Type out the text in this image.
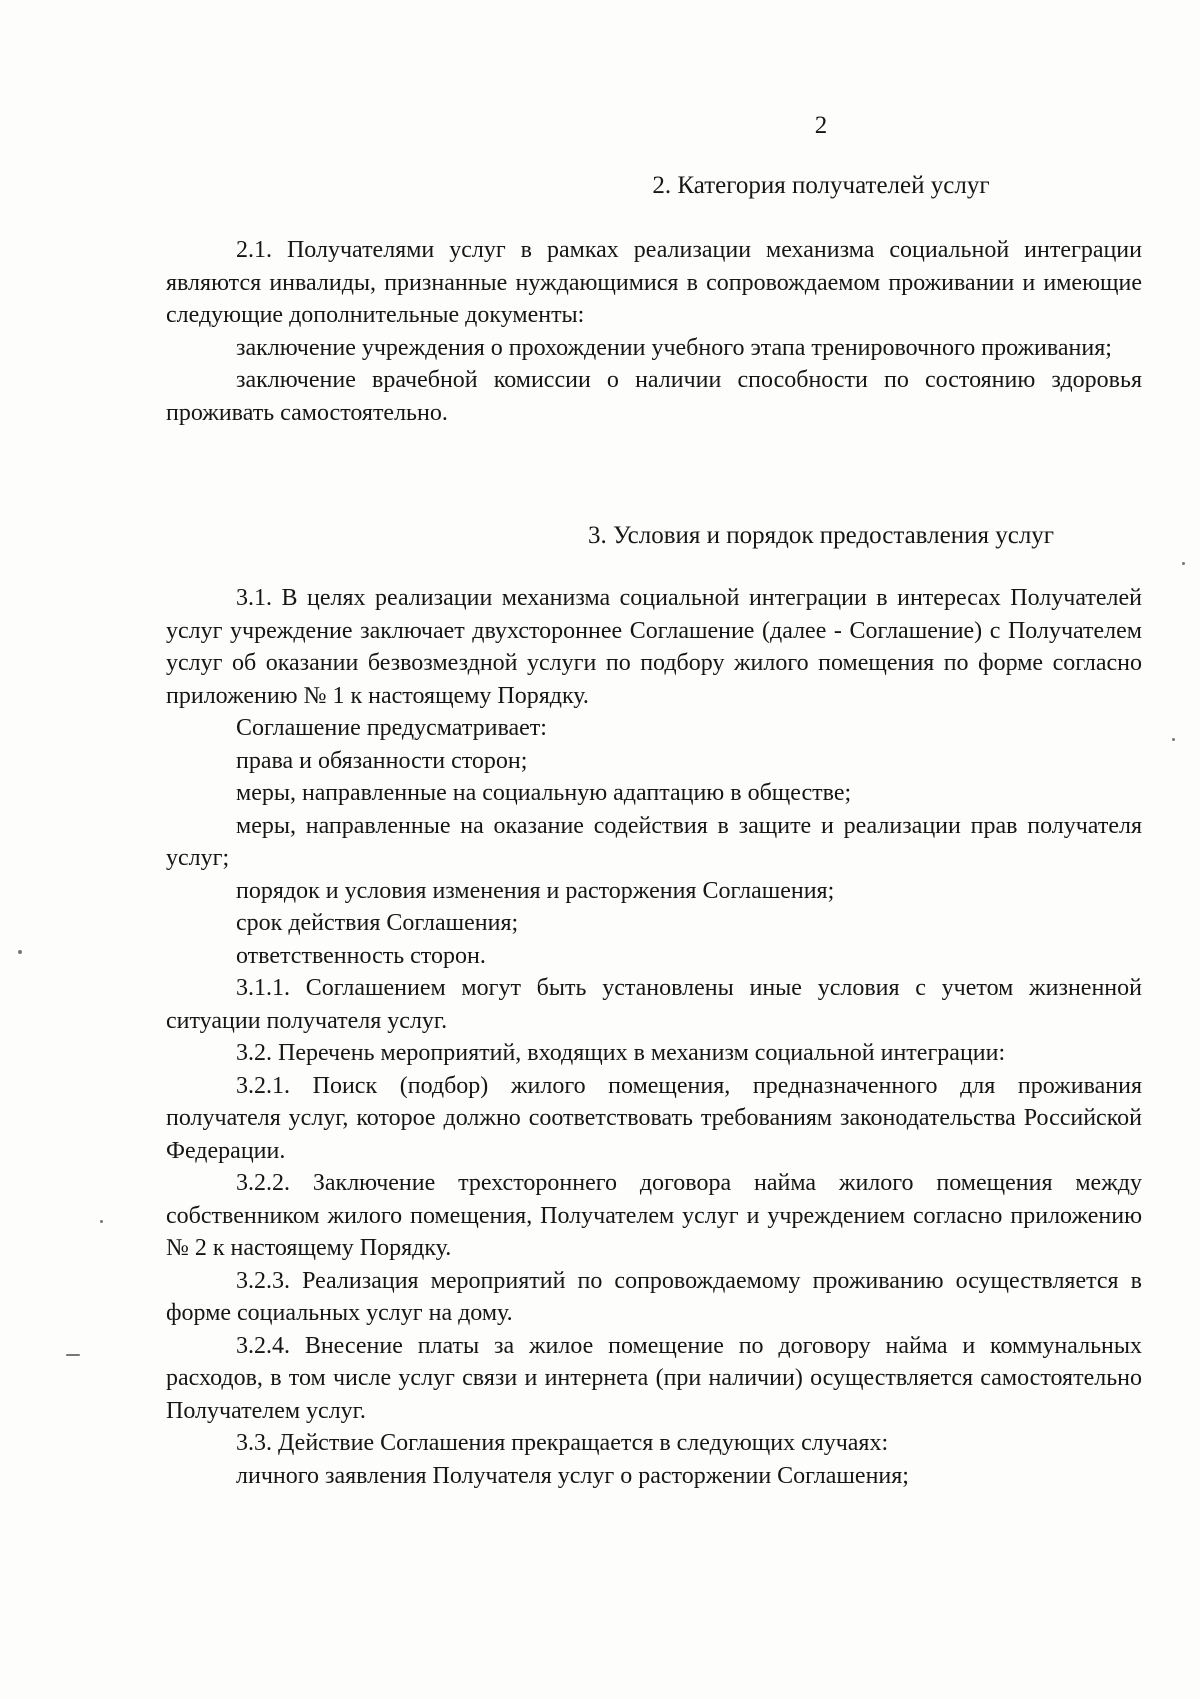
2
2. Категория получателей услуг

2.1. Получателями услуг в рамках реализации механизма социальной интеграции являются инвалиды, признанные нуждающимися в сопровождаемом проживании и имеющие следующие дополнительные документы:

заключение учреждения о прохождении учебного этапа тренировочного проживания;

заключение врачебной комиссии о наличии способности по состоянию здоровья проживать самостоятельно.

3. Условия и порядок предоставления услуг

3.1. В целях реализации механизма социальной интеграции в интересах Получателей услуг учреждение заключает двухстороннее Соглашение (далее - Соглашение) с Получателем услуг об оказании безвозмездной услуги по подбору жилого помещения по форме согласно приложению № 1 к настоящему Порядку.

Соглашение предусматривает:

права и обязанности сторон;

меры, направленные на социальную адаптацию в обществе;

меры, направленные на оказание содействия в защите и реализации прав получателя услуг;

порядок и условия изменения и расторжения Соглашения;

срок действия Соглашения;

ответственность сторон.

3.1.1. Соглашением могут быть установлены иные условия с учетом жизненной ситуации получателя услуг.

3.2. Перечень мероприятий, входящих в механизм социальной интеграции:

3.2.1. Поиск (подбор) жилого помещения, предназначенного для проживания получателя услуг, которое должно соответствовать требованиям законодательства Российской Федерации.

3.2.2. Заключение трехстороннего договора найма жилого помещения между собственником жилого помещения, Получателем услуг и учреждением согласно приложению № 2 к настоящему Порядку.

3.2.3. Реализация мероприятий по сопровождаемому проживанию осуществляется в форме социальных услуг на дому.

3.2.4. Внесение платы за жилое помещение по договору найма и коммунальных расходов, в том числе услуг связи и интернета (при наличии) осуществляется самостоятельно Получателем услуг.

3.3. Действие Соглашения прекращается в следующих случаях:

личного заявления Получателя услуг о расторжении Соглашения;
